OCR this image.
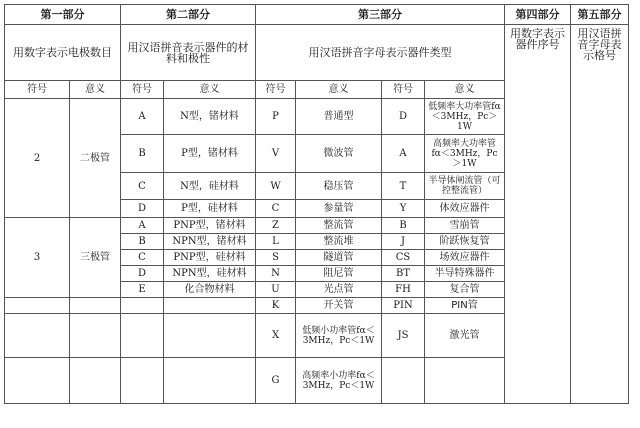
第一部分		第二部分		第三部分				第四部分	第五部分
用数字表示电极数目		用汉语拼音表示器件的材料和极性		用汉语拼音字母表示器件类型				用数字表示器件序号	用汉语拼音字母表示格号
符号	意义	符号	意义	符号	意义	符号	意义		
2	二极管	A	N型，锗材料	P	普通型	D	低频率大功率管fα＜3MHz，Pc＞1W		
		B	P型，锗材料	V	微波管	A	高频率大功率管 fα＜3MHz，Pc＞1W		
		C	N型，硅材料	W	稳压管	T	半导体闸流管（可控整流管）		
		D	P型，硅材料	C	参量管	Y	体效应器件		
3	三极管	A	PNP型，锗材料	Z	整流管	B	雪崩管		
		B	NPN型，锗材料	L	整流堆	J	阶跃恢复管		
		C	PNP型，硅材料	S	隧道管	CS	场效应器件		
		D	NPN型，硅材料	N	阻尼管	BT	半导特殊器件		
		E	化合物材料	U	光点管	FH	复合管		
				K	开关管	PIN	PIN管		
				X	低频小功率管fα＜3MHz，Pc＜1W	JS	激光管		
				G	高频率小功率fα＜3MHz，Pc＜1W				
